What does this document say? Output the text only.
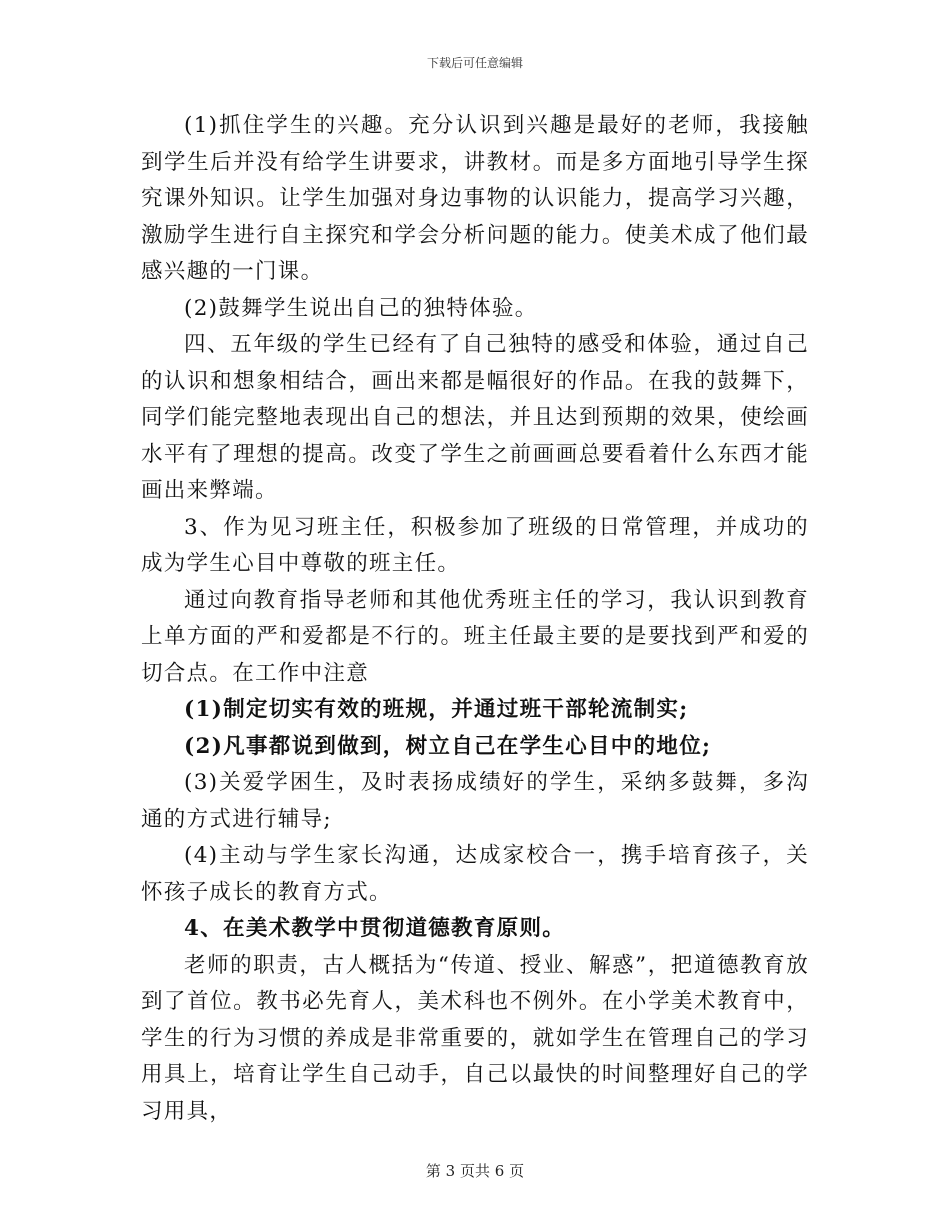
下载后可任意编辑

(1)抓住学生的兴趣。充分认识到兴趣是最好的老师，我接触到学生后并没有给学生讲要求，讲教材。而是多方面地引导学生探究课外知识。让学生加强对身边事物的认识能力，提高学习兴趣，激励学生进行自主探究和学会分析问题的能力。使美术成了他们最感兴趣的一门课。

(2)鼓舞学生说出自己的独特体验。

四、五年级的学生已经有了自己独特的感受和体验，通过自己的认识和想象相结合，画出来都是幅很好的作品。在我的鼓舞下，同学们能完整地表现出自己的想法，并且达到预期的效果，使绘画水平有了理想的提高。改变了学生之前画画总要看着什么东西才能画出来弊端。

3、作为见习班主任，积极参加了班级的日常管理，并成功的成为学生心目中尊敬的班主任。

通过向教育指导老师和其他优秀班主任的学习，我认识到教育上单方面的严和爱都是不行的。班主任最主要的是要找到严和爱的切合点。在工作中注意

(1)制定切实有效的班规，并通过班干部轮流制实;

(2)凡事都说到做到，树立自己在学生心目中的地位;

(3)关爱学困生，及时表扬成绩好的学生，采纳多鼓舞，多沟通的方式进行辅导;

(4)主动与学生家长沟通，达成家校合一，携手培育孩子，关怀孩子成长的教育方式。

4、在美术教学中贯彻道德教育原则。

老师的职责，古人概括为“传道、授业、解惑”，把道德教育放到了首位。教书必先育人，美术科也不例外。在小学美术教育中，学生的行为习惯的养成是非常重要的，就如学生在管理自己的学习用具上，培育让学生自己动手，自己以最快的时间整理好自己的学习用具，

第 3 页共 6 页
